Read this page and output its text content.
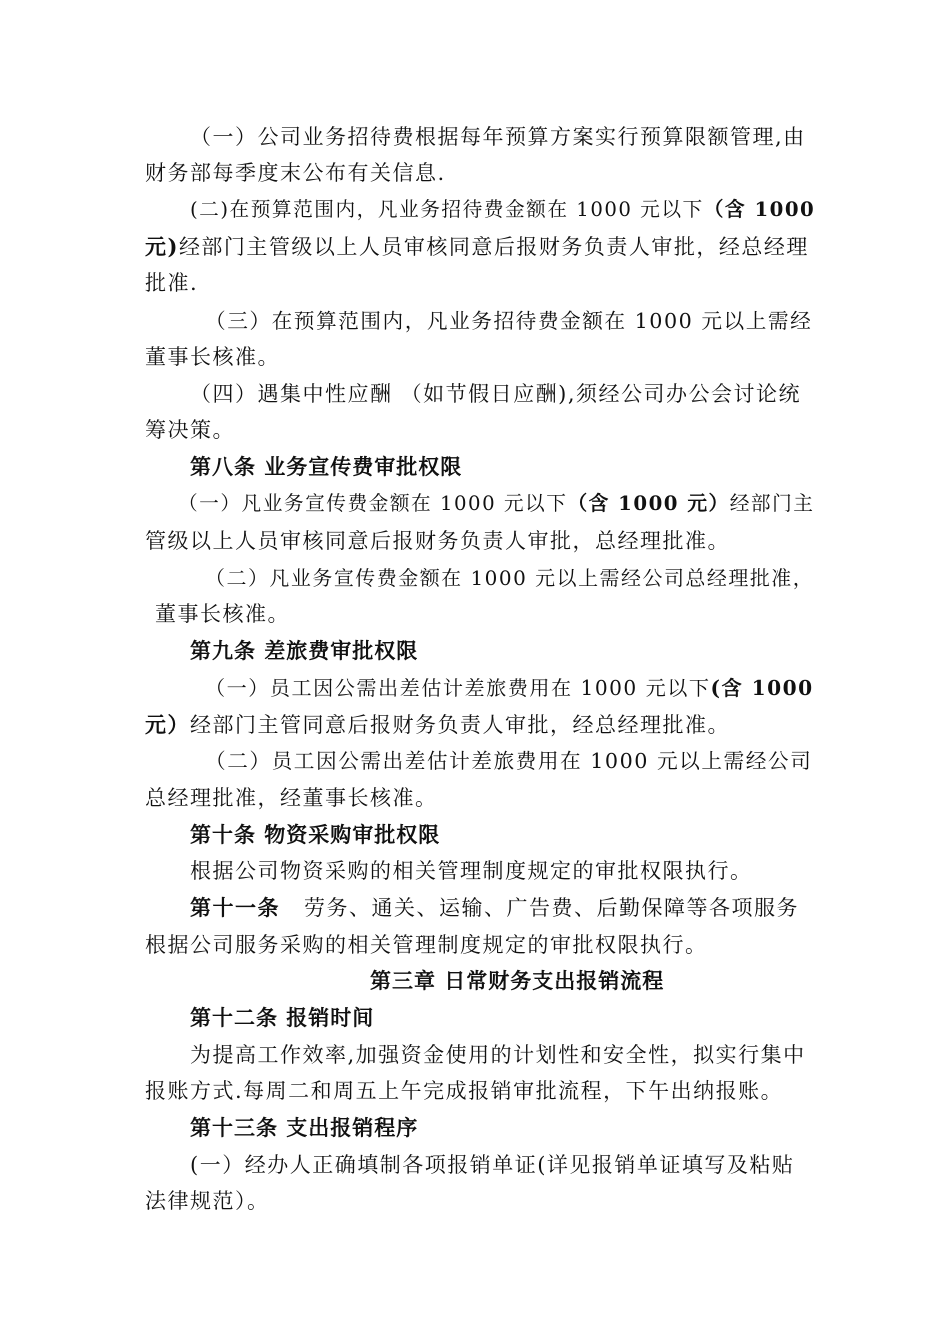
（一）公司业务招待费根据每年预算方案实行预算限额管理,由
财务部每季度末公布有关信息.
(二)在预算范围内，凡业务招待费金额在 1000 元以下（含 1000
元)经部门主管级以上人员审核同意后报财务负责人审批，经总经理
批准.
（三）在预算范围内，凡业务招待费金额在 1000 元以上需经
董事长核准。
（四）遇集中性应酬 （如节假日应酬),须经公司办公会讨论统
筹决策。
第八条 业务宣传费审批权限
（一）凡业务宣传费金额在 1000 元以下（含 1000 元）经部门主
管级以上人员审核同意后报财务负责人审批，总经理批准。
（二）凡业务宣传费金额在 1000 元以上需经公司总经理批准，
董事长核准。
第九条 差旅费审批权限
（一）员工因公需出差估计差旅费用在 1000 元以下(含 1000
元）经部门主管同意后报财务负责人审批，经总经理批准。
（二）员工因公需出差估计差旅费用在 1000 元以上需经公司
总经理批准，经董事长核准。
第十条 物资采购审批权限
根据公司物资采购的相关管理制度规定的审批权限执行。
第十一条 劳务、通关、运输、广告费、后勤保障等各项服务
根据公司服务采购的相关管理制度规定的审批权限执行。
第三章 日常财务支出报销流程
第十二条 报销时间
为提高工作效率,加强资金使用的计划性和安全性，拟实行集中
报账方式.每周二和周五上午完成报销审批流程，下午出纳报账。
第十三条 支出报销程序
(一）经办人正确填制各项报销单证(详见报销单证填写及粘贴
法律规范）。
